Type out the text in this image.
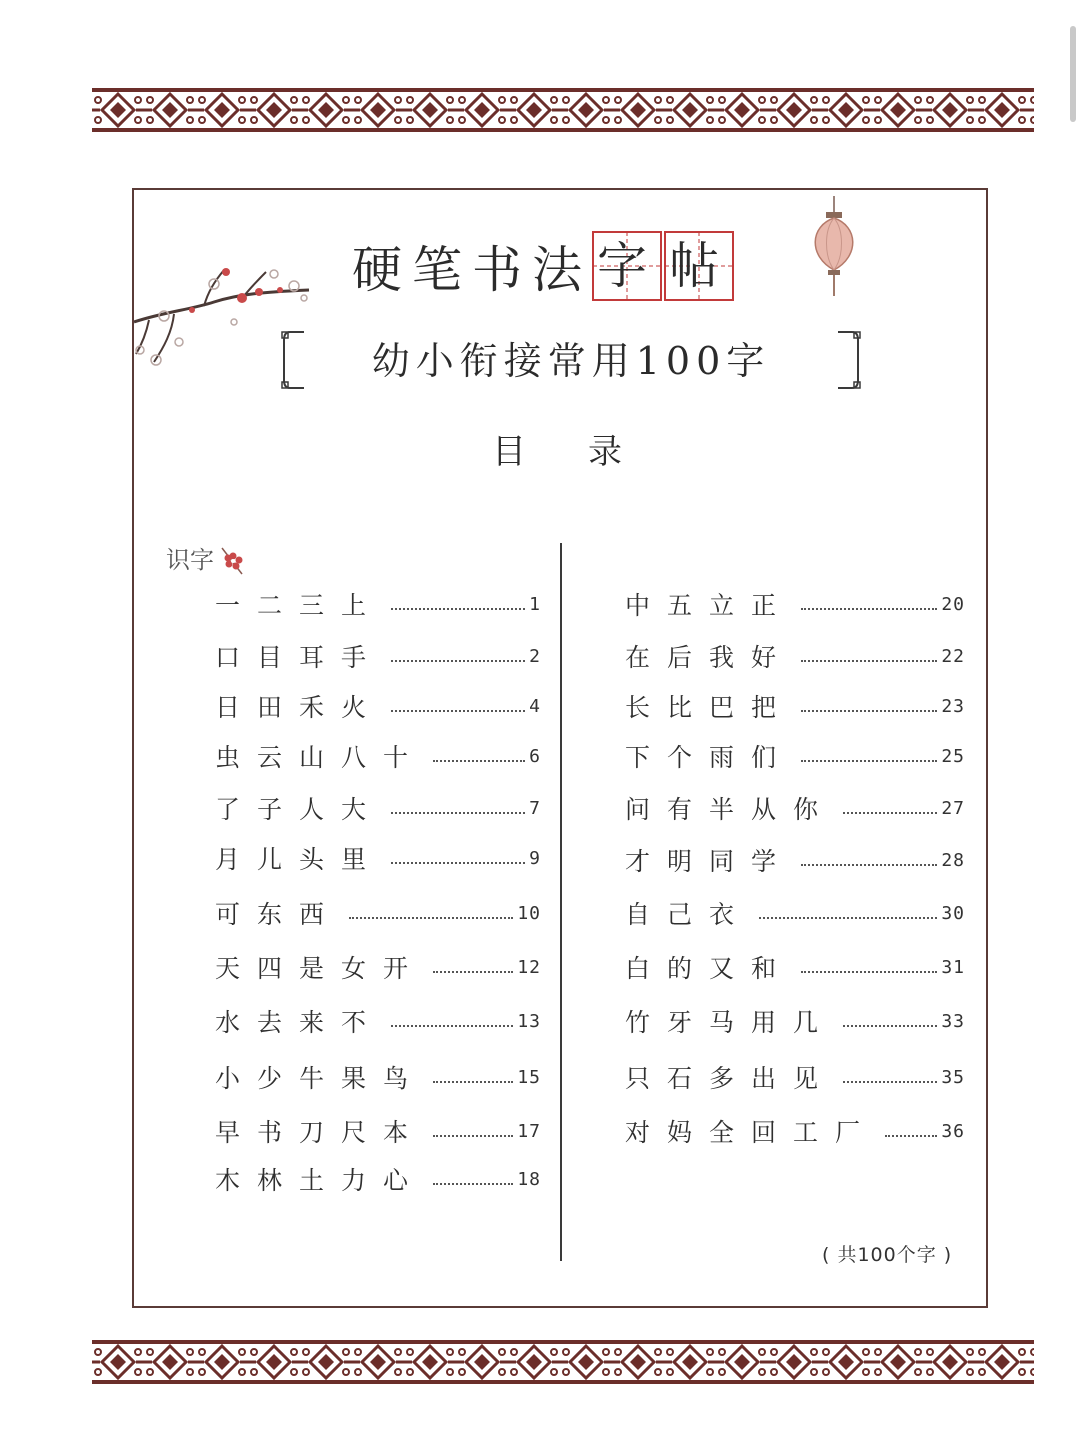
硬笔书法 字 帖
幼小衔接常用100字
目录
识字
一二三上	1
口目耳手	2
日田禾火	4
虫云山八十	6
了子人大	7
月儿头里	9
可东西	10
天四是女开	12
水去来不	13
小少牛果鸟	15
早书刀尺本	17
木林土力心	18
中五立正	20
在后我好	22
长比巴把	23
下个雨们	25
问有半从你	27
才明同学	28
自己衣	30
白的又和	31
竹牙马用几	33
只石多出见	35
对妈全回工厂	36
( 共100个字 )
